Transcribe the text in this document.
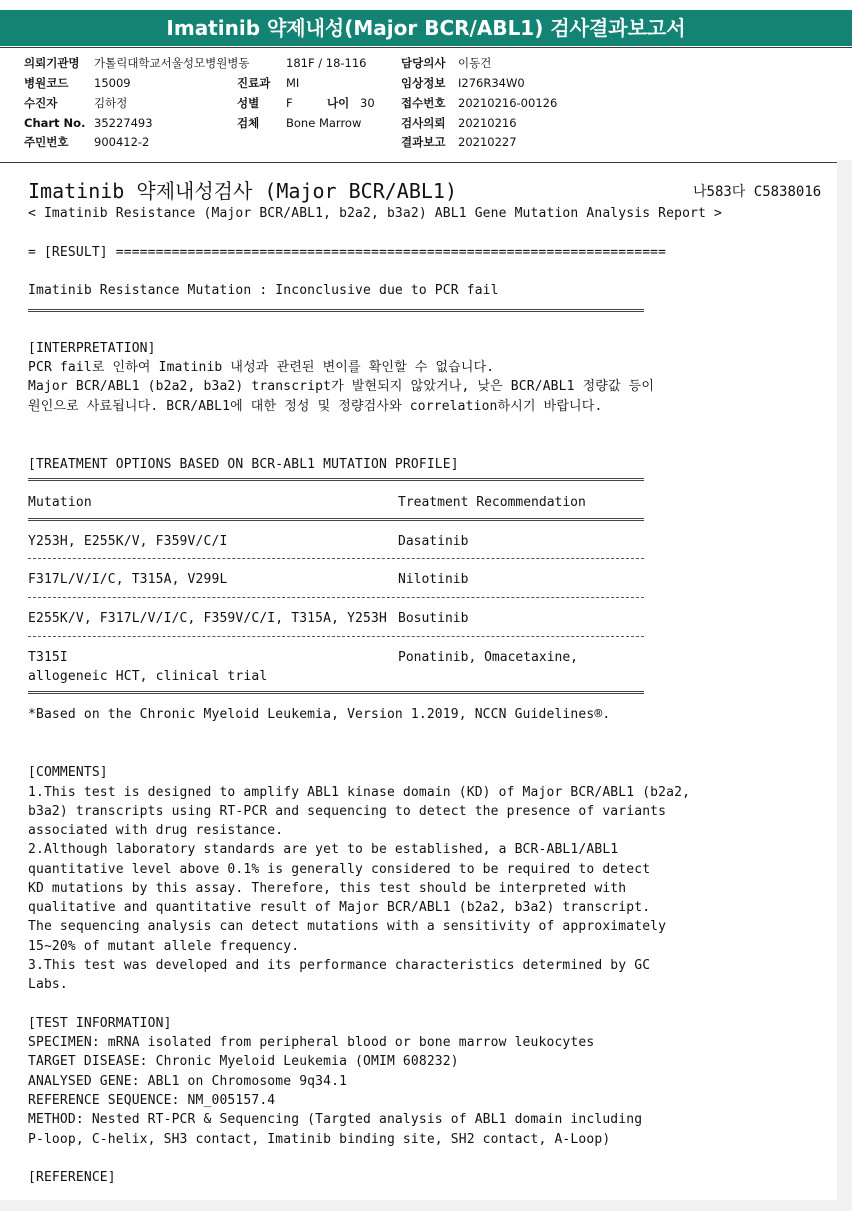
Imatinib 약제내성(Major BCR/ABL1) 검사결과보고서
의뢰기관명 가톨릭대학교서울성모병원병동	181F / 18-116	담당의사 이동건
병원코드 15009	진료과 MI	임상정보 I276R34W0
수진자	김하정	성별 F	나이 30 접수번호 20210216-00126
Chart No. 35227493	검체 Bone Marrow	검사의뢰 20210216
주민번호 900412-2	결과보고 20210227
Imatinib 약제내성검사 (Major BCR/ABL1)	나583다 C5838016
< Imatinib Resistance (Major BCR/ABL1, b2a2, b3a2) ABL1 Gene Mutation Analysis Report >
= [RESULT] =====================================================================
Imatinib Resistance Mutation : Inconclusive due to PCR fail
[INTERPRETATION]
PCR fail로 인하여 Imatinib 내성과 관련된 변이를 확인할 수 없습니다.
Major BCR/ABL1 (b2a2, b3a2) transcript가 발현되지 않았거나, 낮은 BCR/ABL1 정량값 등이
원인으로 사료됩니다. BCR/ABL1에 대한 정성 및 정량검사와 correlation하시기 바랍니다.
[TREATMENT OPTIONS BASED ON BCR-ABL1 MUTATION PROFILE]
Mutation	Treatment Recommendation
Y253H, E255K/V, F359V/C/I	Dasatinib
F317L/V/I/C, T315A, V299L	Nilotinib
E255K/V, F317L/V/I/C, F359V/C/I, T315A, Y253H Bosutinib
T315I	Ponatinib, Omacetaxine,
allogeneic HCT, clinical trial
*Based on the Chronic Myeloid Leukemia, Version 1.2019, NCCN Guidelines®.
[COMMENTS]
1.This test is designed to amplify ABL1 kinase domain (KD) of Major BCR/ABL1 (b2a2,
b3a2) transcripts using RT-PCR and sequencing to detect the presence of variants
associated with drug resistance.
2.Although laboratory standards are yet to be established, a BCR-ABL1/ABL1
quantitative level above 0.1% is generally considered to be required to detect
KD mutations by this assay. Therefore, this test should be interpreted with
qualitative and quantitative result of Major BCR/ABL1 (b2a2, b3a2) transcript.
The sequencing analysis can detect mutations with a sensitivity of approximately
15~20% of mutant allele frequency.
3.This test was developed and its performance characteristics determined by GC
Labs.
[TEST INFORMATION]
SPECIMEN: mRNA isolated from peripheral blood or bone marrow leukocytes
TARGET DISEASE: Chronic Myeloid Leukemia (OMIM 608232)
ANALYSED GENE: ABL1 on Chromosome 9q34.1
REFERENCE SEQUENCE: NM_005157.4
METHOD: Nested RT-PCR & Sequencing (Targted analysis of ABL1 domain including
P-loop, C-helix, SH3 contact, Imatinib binding site, SH2 contact, A-Loop)
[REFERENCE]
